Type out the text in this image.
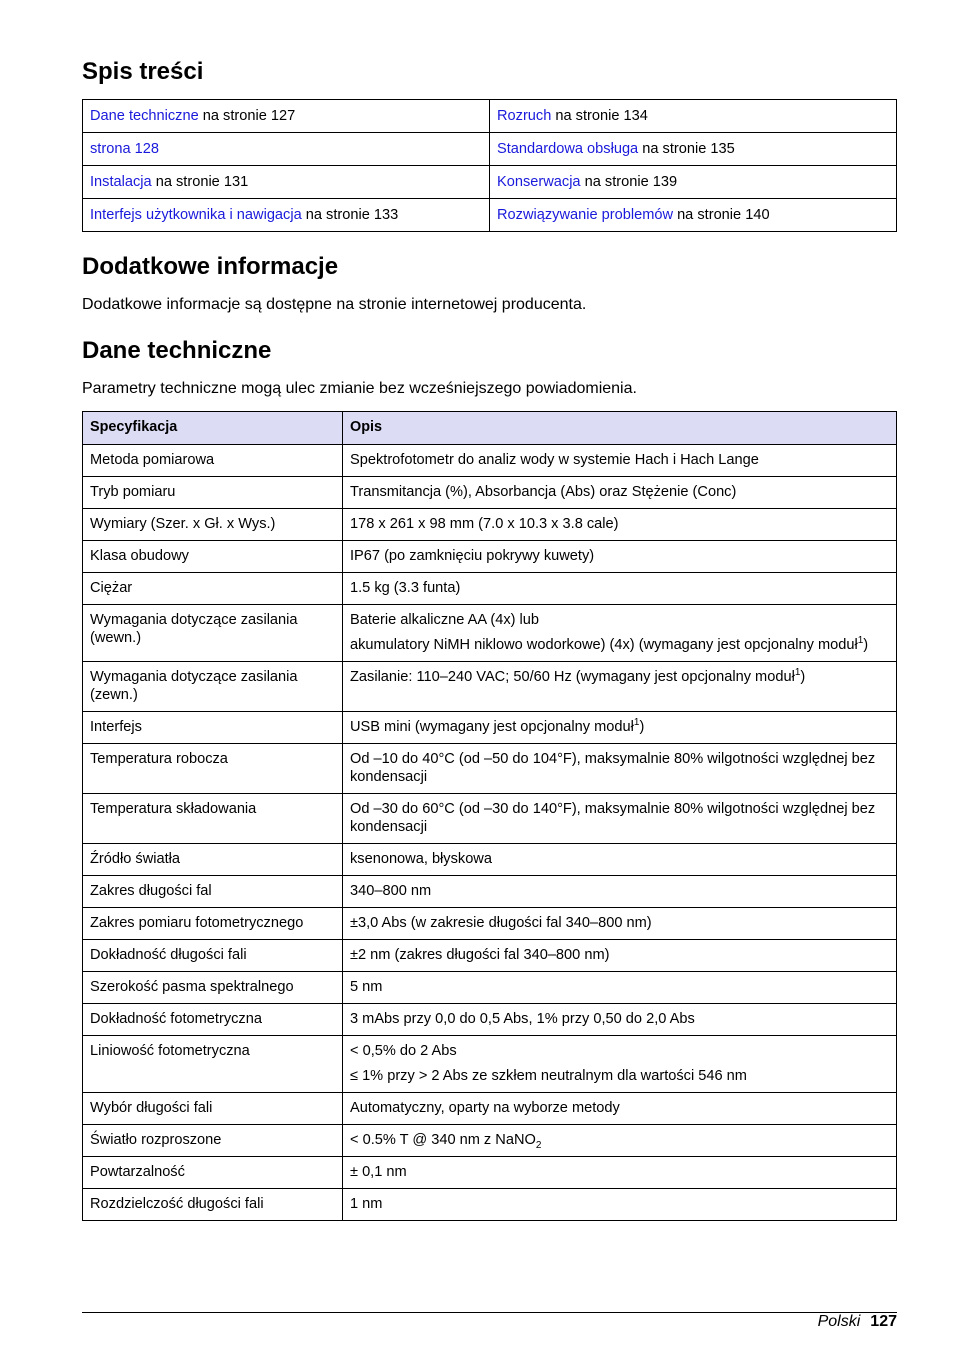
Spis treści
Dane techniczne na stronie 127	Rozruch na stronie 134
strona 128	Standardowa obsługa na stronie 135
Instalacja na stronie 131	Konserwacja na stronie 139
Interfejs użytkownika i nawigacja na stronie 133	Rozwiązywanie problemów na stronie 140
Dodatkowe informacje
Dodatkowe informacje są dostępne na stronie internetowej producenta.
Dane techniczne
Parametry techniczne mogą ulec zmianie bez wcześniejszego powiadomienia.
Specyfikacja	Opis
Metoda pomiarowa	Spektrofotometr do analiz wody w systemie Hach i Hach Lange

Tryb pomiaru	Transmitancja (%), Absorbancja (Abs) oraz Stężenie (Conc)

Wymiary (Szer. x Gł. x Wys.)	178 x 261 x 98 mm (7.0 x 10.3 x 3.8 cale)

Klasa obudowy	IP67 (po zamknięciu pokrywy kuwety)

Ciężar	1.5 kg (3.3 funta)

Wymagania dotyczące zasilania (wewn.)	Baterie alkaliczne AA (4x) lub
akumulatory NiMH niklowo wodorkowe) (4x) (wymagany jest opcjonalny moduł$^1$)

Wymagania dotyczące zasilania (zewn.)	Zasilanie: 110–240 VAC; 50/60 Hz (wymagany jest opcjonalny moduł$^1$)

Interfejs	USB mini (wymagany jest opcjonalny moduł$^1$)

Temperatura robocza	Od –10 do 40°C (od –50 do 104°F), maksymalnie 80% wilgotności względnej bez kondensacji

Temperatura składowania	Od –30 do 60°C (od –30 do 140°F), maksymalnie 80% wilgotności względnej bez kondensacji

Źródło światła	ksenonowa, błyskowa

Zakres długości fal	340–800 nm

Zakres pomiaru fotometrycznego	±3,0 Abs (w zakresie długości fal 340–800 nm)

Dokładność długości fali	±2 nm (zakres długości fal 340–800 nm)

Szerokość pasma spektralnego	5 nm

Dokładność fotometryczna	3 mAbs przy 0,0 do 0,5 Abs, 1% przy 0,50 do 2,0 Abs

Liniowość fotometryczna	< 0,5% do 2 Abs
≤ 1% przy > 2 Abs ze szkłem neutralnym dla wartości 546 nm

Wybór długości fali	Automatyczny, oparty na wyborze metody

Światło rozproszone	< 0.5% T @ 340 nm z NaNO$_2$

Powtarzalność	± 0,1 nm

Rozdzielczość długości fali	1 nm
Polski 127
